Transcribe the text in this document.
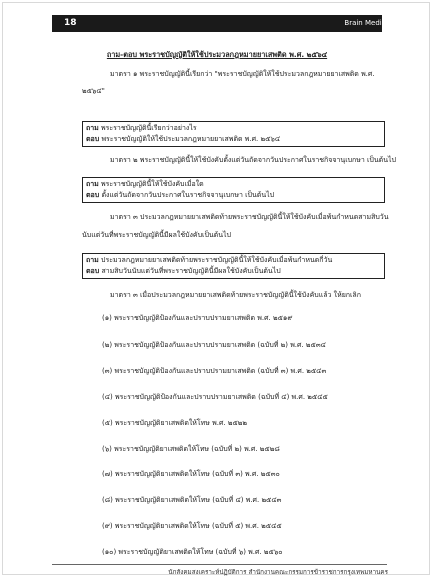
18	Brain Media
ถาม-ตอบ พระราชบัญญัติให้ใช้ประมวลกฎหมายยาเสพติด พ.ศ. ๒๕๖๔
มาตรา ๑ พระราชบัญญัตินี้เรียกว่า "พระราชบัญญัติให้ใช้ประมวลกฎหมายยาเสพติด พ.ศ.
๒๕๖๔"
ถาม พระราชบัญญัตินี้เรียกว่าอย่างไร
ตอบ พระราชบัญญัติให้ใช้ประมวลกฎหมายยาเสพติด พ.ศ. ๒๕๖๔
มาตรา ๒ พระราชบัญญัตินี้ให้ใช้บังคับตั้งแต่วันถัดจากวันประกาศในราชกิจจานุเบกษา เป็นต้นไป
ถาม พระราชบัญญัตินี้ให้ใช้บังคับเมื่อใด
ตอบ ตั้งแต่วันถัดจากวันประกาศในราชกิจจานุเบกษา เป็นต้นไป
มาตรา ๓ ประมวลกฎหมายยาเสพติดท้ายพระราชบัญญัตินี้ให้ใช้บังคับเมื่อพ้นกำหนดสามสิบวัน
นับแต่วันที่พระราชบัญญัตินี้มีผลใช้บังคับเป็นต้นไป
ถาม ประมวลกฎหมายยาเสพติดท้ายพระราชบัญญัตินี้ให้ใช้บังคับเมื่อพ้นกำหนดกี่วัน
ตอบ สามสิบวันนับแต่วันที่พระราชบัญญัตินี้มีผลใช้บังคับเป็นต้นไป
มาตรา ๓ เมื่อประมวลกฎหมายยาเสพติดท้ายพระราชบัญญัตินี้ใช้บังคับแล้ว ให้ยกเลิก
(๑) พระราชบัญญัติป้องกันและปราบปรามยาเสพติด พ.ศ. ๒๕๑๙
(๒) พระราชบัญญัติป้องกันและปราบปรามยาเสพติด (ฉบับที่ ๒) พ.ศ. ๒๕๓๔
(๓) พระราชบัญญัติป้องกันและปราบปรามยาเสพติด (ฉบับที่ ๓) พ.ศ. ๒๕๔๓
(๔) พระราชบัญญัติป้องกันและปราบปรามยาเสพติด (ฉบับที่ ๔) พ.ศ. ๒๕๔๕
(๕) พระราชบัญญัติยาเสพติดให้โทษ พ.ศ. ๒๕๒๒
(๖) พระราชบัญญัติยาเสพติดให้โทษ (ฉบับที่ ๒) พ.ศ. ๒๕๒๘
(๗) พระราชบัญญัติยาเสพติดให้โทษ (ฉบับที่ ๓) พ.ศ. ๒๕๓๐
(๘) พระราชบัญญัติยาเสพติดให้โทษ (ฉบับที่ ๔) พ.ศ. ๒๕๔๓
(๙) พระราชบัญญัติยาเสพติดให้โทษ (ฉบับที่ ๕) พ.ศ. ๒๕๔๕
(๑๐) พระราชบัญญัติยาเสพติดให้โทษ (ฉบับที่ ๖) พ.ศ. ๒๕๖๐
นักสังคมสงเคราะห์ปฏิบัติการ สำนักงานคณะกรรมการข้าราชการกรุงเทพมหานคร
